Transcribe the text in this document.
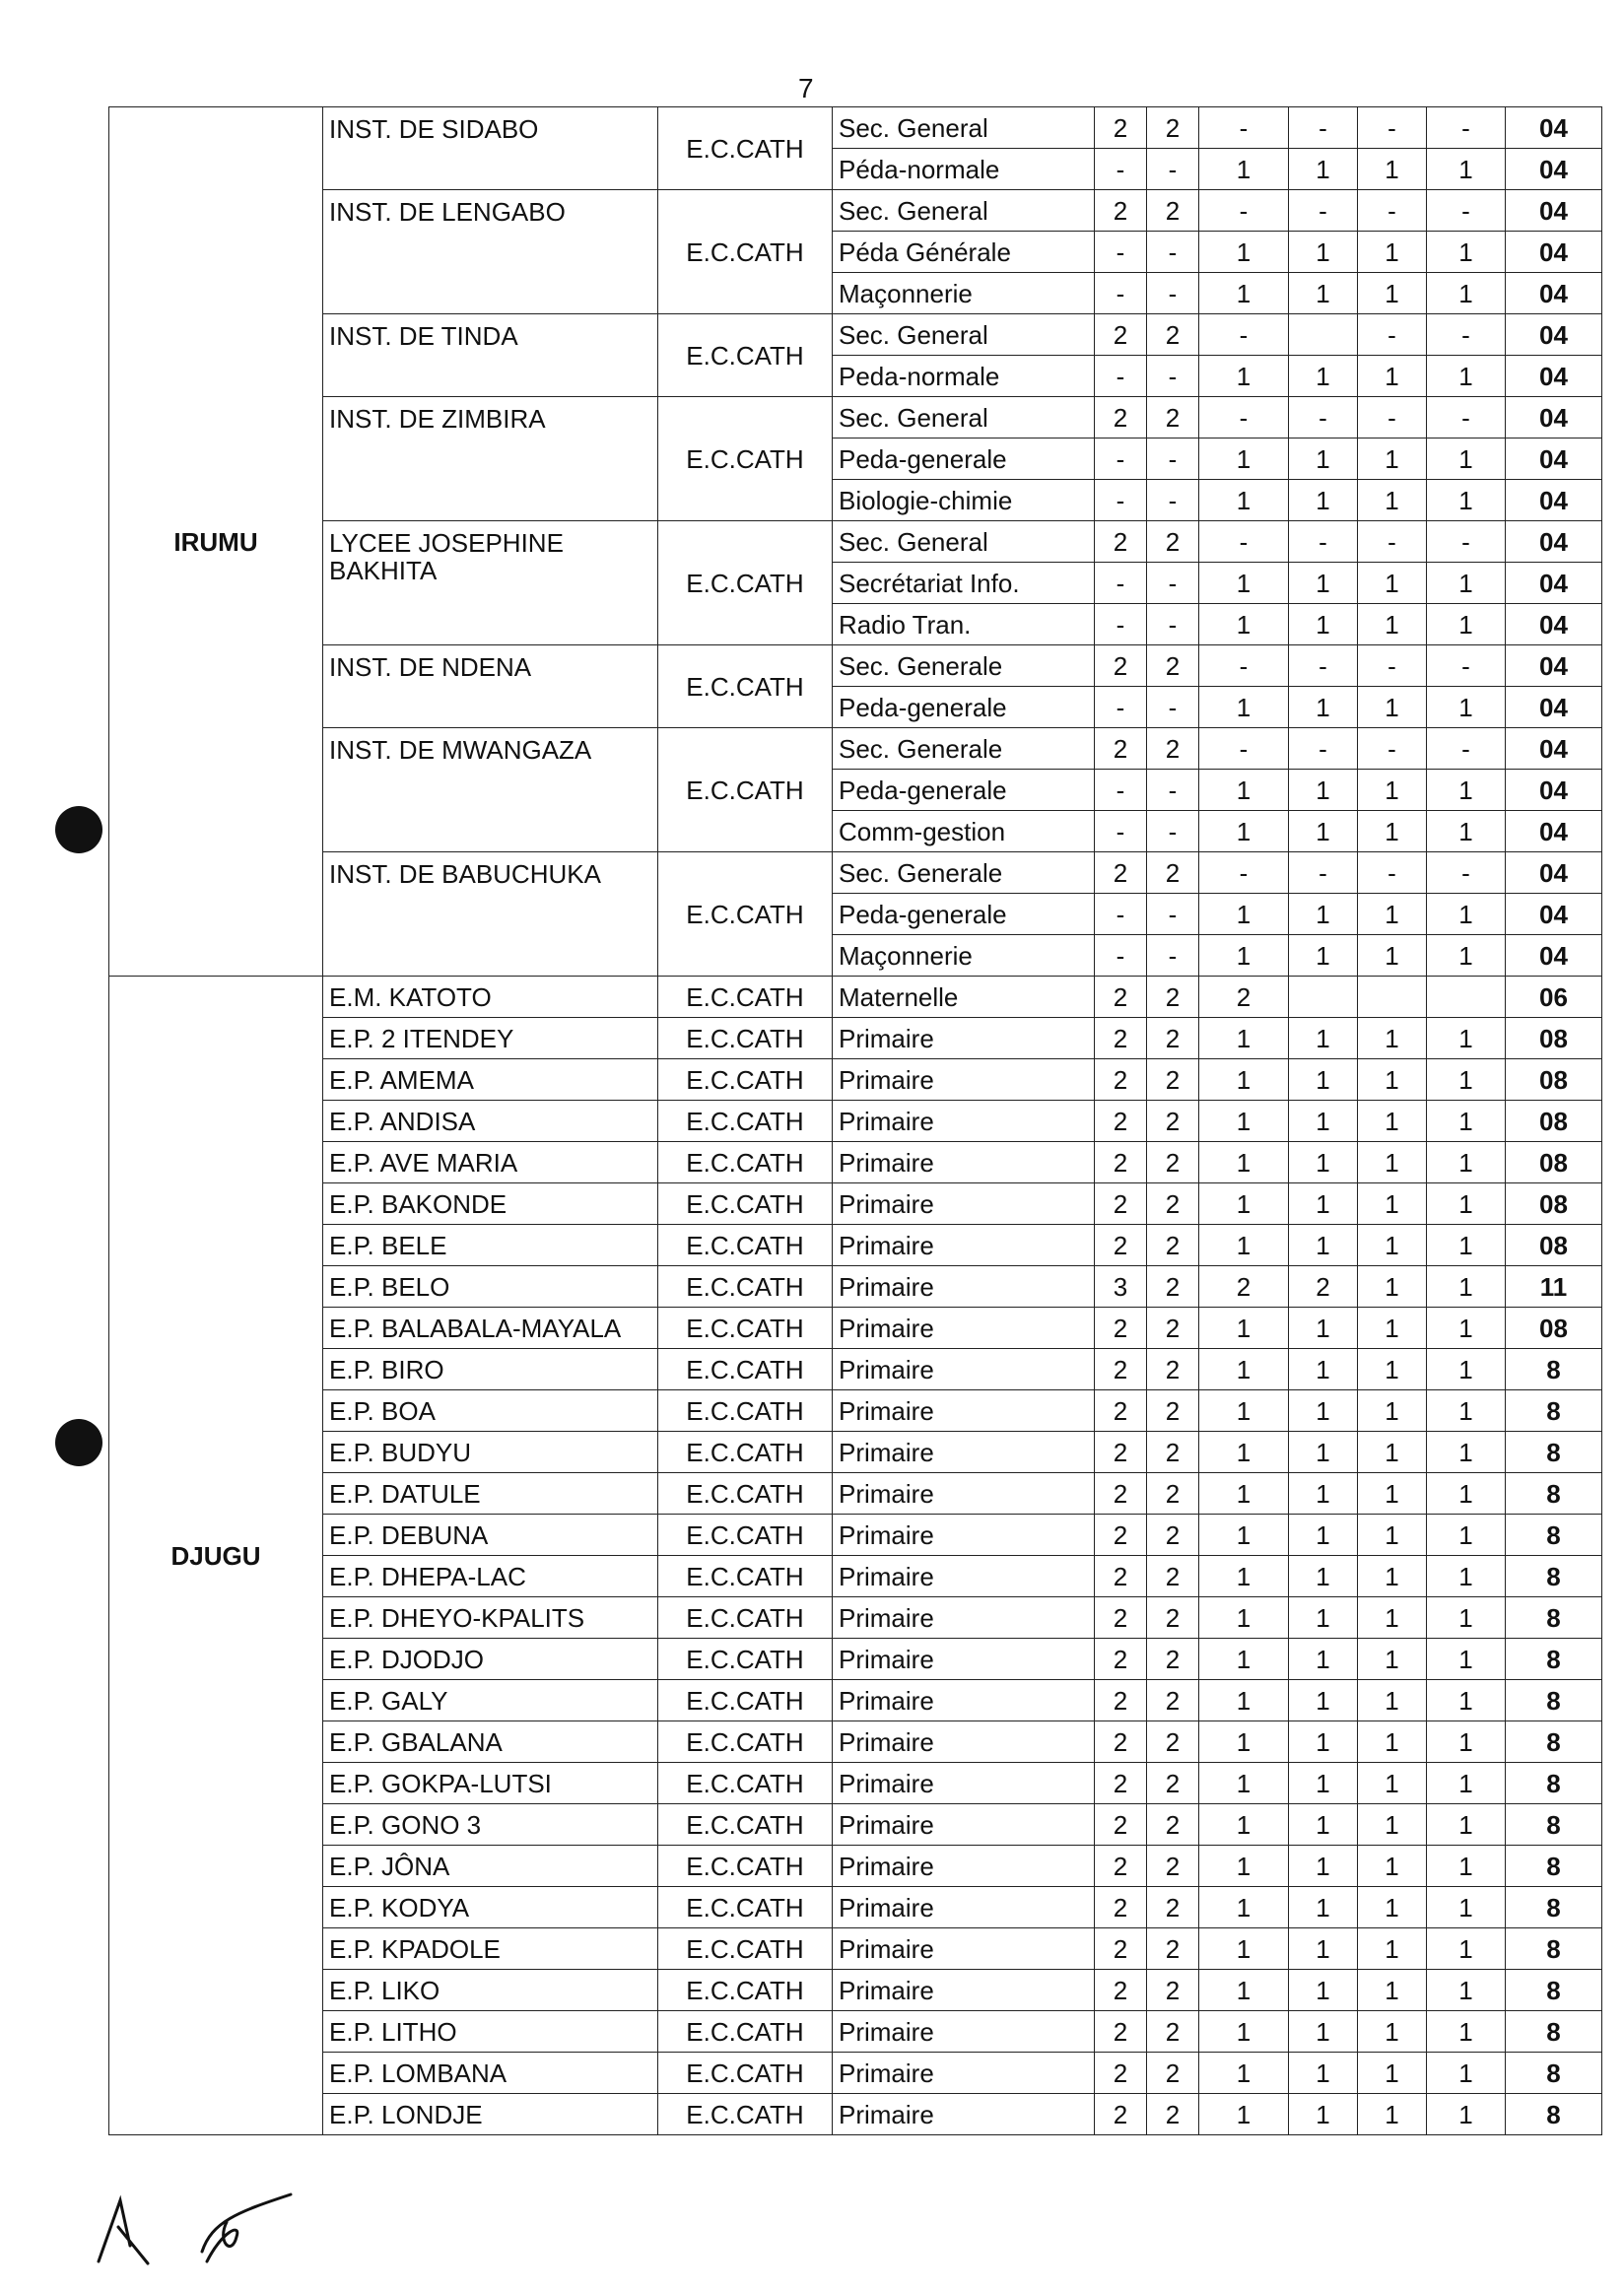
7
IRUMU	INST. DE SIDABO	E.C.CATH	Sec. General	2	2	-	-	-	-	04
			Péda-normale	-	-	1	1	1	1	04
	INST. DE LENGABO	E.C.CATH	Sec. General	2	2	-	-	-	-	04
			Péda Générale	-	-	1	1	1	1	04
			Maçonnerie	-	-	1	1	1	1	04
	INST. DE TINDA	E.C.CATH	Sec. General	2	2	-		-	-	04
			Peda-normale	-	-	1	1	1	1	04
	INST. DE ZIMBIRA	E.C.CATH	Sec. General	2	2	-	-	-	-	04
			Peda-generale	-	-	1	1	1	1	04
			Biologie-chimie	-	-	1	1	1	1	04
	LYCEE JOSEPHINE BAKHITA	E.C.CATH	Sec. General	2	2	-	-	-	-	04
			Secrétariat Info.	-	-	1	1	1	1	04
			Radio Tran.	-	-	1	1	1	1	04
	INST. DE NDENA	E.C.CATH	Sec. Generale	2	2	-	-	-	-	04
			Peda-generale	-	-	1	1	1	1	04
	INST. DE MWANGAZA	E.C.CATH	Sec. Generale	2	2	-	-	-	-	04
			Peda-generale	-	-	1	1	1	1	04
			Comm-gestion	-	-	1	1	1	1	04
	INST. DE BABUCHUKA	E.C.CATH	Sec. Generale	2	2	-	-	-	-	04
			Peda-generale	-	-	1	1	1	1	04
			Maçonnerie	-	-	1	1	1	1	04
DJUGU	E.M. KATOTO	E.C.CATH	Maternelle	2	2	2				06
	E.P. 2 ITENDEY	E.C.CATH	Primaire	2	2	1	1	1	1	08
	E.P. AMEMA	E.C.CATH	Primaire	2	2	1	1	1	1	08
	E.P. ANDISA	E.C.CATH	Primaire	2	2	1	1	1	1	08
	E.P. AVE MARIA	E.C.CATH	Primaire	2	2	1	1	1	1	08
	E.P. BAKONDE	E.C.CATH	Primaire	2	2	1	1	1	1	08
	E.P. BELE	E.C.CATH	Primaire	2	2	1	1	1	1	08
	E.P. BELO	E.C.CATH	Primaire	3	2	2	2	1	1	11
	E.P. BALABALA-MAYALA	E.C.CATH	Primaire	2	2	1	1	1	1	08
	E.P. BIRO	E.C.CATH	Primaire	2	2	1	1	1	1	8
	E.P. BOA	E.C.CATH	Primaire	2	2	1	1	1	1	8
	E.P. BUDYU	E.C.CATH	Primaire	2	2	1	1	1	1	8
	E.P. DATULE	E.C.CATH	Primaire	2	2	1	1	1	1	8
	E.P. DEBUNA	E.C.CATH	Primaire	2	2	1	1	1	1	8
	E.P. DHEPA-LAC	E.C.CATH	Primaire	2	2	1	1	1	1	8
	E.P. DHEYO-KPALITS	E.C.CATH	Primaire	2	2	1	1	1	1	8
	E.P. DJODJO	E.C.CATH	Primaire	2	2	1	1	1	1	8
	E.P. GALY	E.C.CATH	Primaire	2	2	1	1	1	1	8
	E.P. GBALANA	E.C.CATH	Primaire	2	2	1	1	1	1	8
	E.P. GOKPA-LUTSI	E.C.CATH	Primaire	2	2	1	1	1	1	8
	E.P. GONO 3	E.C.CATH	Primaire	2	2	1	1	1	1	8
	E.P. JÔNA	E.C.CATH	Primaire	2	2	1	1	1	1	8
	E.P. KODYA	E.C.CATH	Primaire	2	2	1	1	1	1	8
	E.P. KPADOLE	E.C.CATH	Primaire	2	2	1	1	1	1	8
	E.P. LIKO	E.C.CATH	Primaire	2	2	1	1	1	1	8
	E.P. LITHO	E.C.CATH	Primaire	2	2	1	1	1	1	8
	E.P. LOMBANA	E.C.CATH	Primaire	2	2	1	1	1	1	8
	E.P. LONDJE	E.C.CATH	Primaire	2	2	1	1	1	1	8
